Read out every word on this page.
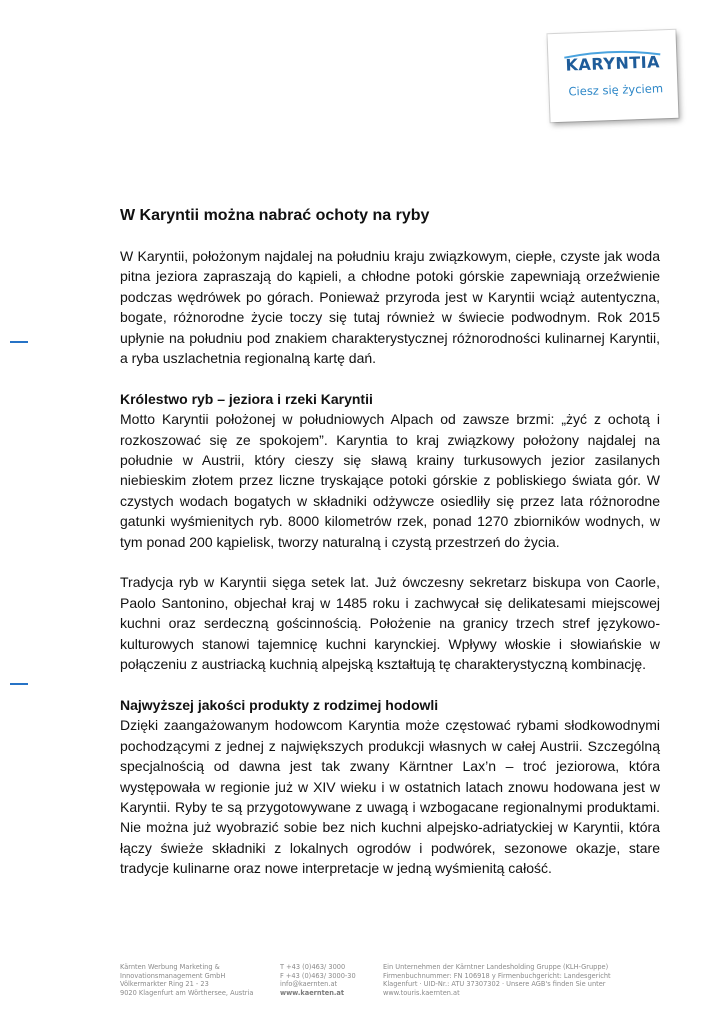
KARYNTIA
Ciesz się życiem
W Karyntii można nabrać ochoty na ryby

W Karyntii, położonym najdalej na południu kraju związkowym, ciepłe, czyste jak woda pitna jeziora zapraszają do kąpieli, a chłodne potoki górskie zapewniają orzeźwienie podczas wędrówek po górach. Ponieważ przyroda jest w Karyntii wciąż autentyczna, bogate, różnorodne życie toczy się tutaj również w świecie podwodnym. Rok 2015 upłynie na południu pod znakiem charakterystycznej różnorodności kulinarnej Karyntii, a ryba uszlachetnia regionalną kartę dań.

Królestwo ryb – jeziora i rzeki Karyntii

Motto Karyntii położonej w południowych Alpach od zawsze brzmi: „żyć z ochotą i rozkoszować się ze spokojem”. Karyntia to kraj związkowy położony najdalej na południe w Austrii, który cieszy się sławą krainy turkusowych jezior zasilanych niebieskim złotem przez liczne tryskające potoki górskie z pobliskiego świata gór. W czystych wodach bogatych w składniki odżywcze osiedliły się przez lata różnorodne gatunki wyśmienitych ryb. 8000 kilometrów rzek, ponad 1270 zbiorników wodnych, w tym ponad 200 kąpielisk, tworzy naturalną i czystą przestrzeń do życia.

Tradycja ryb w Karyntii sięga setek lat. Już ówczesny sekretarz biskupa von Caorle, Paolo Santonino, objechał kraj w 1485 roku i zachwycał się delikatesami miejscowej kuchni oraz serdeczną gościnnością. Położenie na granicy trzech stref językowo-kulturowych stanowi tajemnicę kuchni karynckiej. Wpływy włoskie i słowiańskie w połączeniu z austriacką kuchnią alpejską kształtują tę charakterystyczną kombinację.

Najwyższej jakości produkty z rodzimej hodowli

Dzięki zaangażowanym hodowcom Karyntia może częstować rybami słodkowodnymi pochodzącymi z jednej z największych produkcji własnych w całej Austrii. Szczególną specjalnością od dawna jest tak zwany Kärntner Lax’n – troć jeziorowa, która występowała w regionie już w XIV wieku i w ostatnich latach znowu hodowana jest w Karyntii. Ryby te są przygotowywane z uwagą i wzbogacane regionalnymi produktami. Nie można już wyobrazić sobie bez nich kuchni alpejsko-adriatyckiej w Karyntii, która łączy świeże składniki z lokalnych ogrodów i podwórek, sezonowe okazje, stare tradycje kulinarne oraz nowe interpretacje w jedną wyśmienitą całość.

Kärnten Werbung Marketing &
Innovationsmanagement GmbH
Völkermarkter Ring 21 - 23
9020 Klagenfurt am Wörthersee, Austria
T +43 (0)463/ 3000
F +43 (0)463/ 3000-30
info@kaernten.at
www.kaernten.at
Ein Unternehmen der Kärntner Landesholding Gruppe (KLH-Gruppe)
Firmenbuchnummer: FN 106918 y Firmenbuchgericht: Landesgericht
Klagenfurt · UID-Nr.: ATU 37307302 · Unsere AGB's finden Sie unter
www.touris.kaernten.at
